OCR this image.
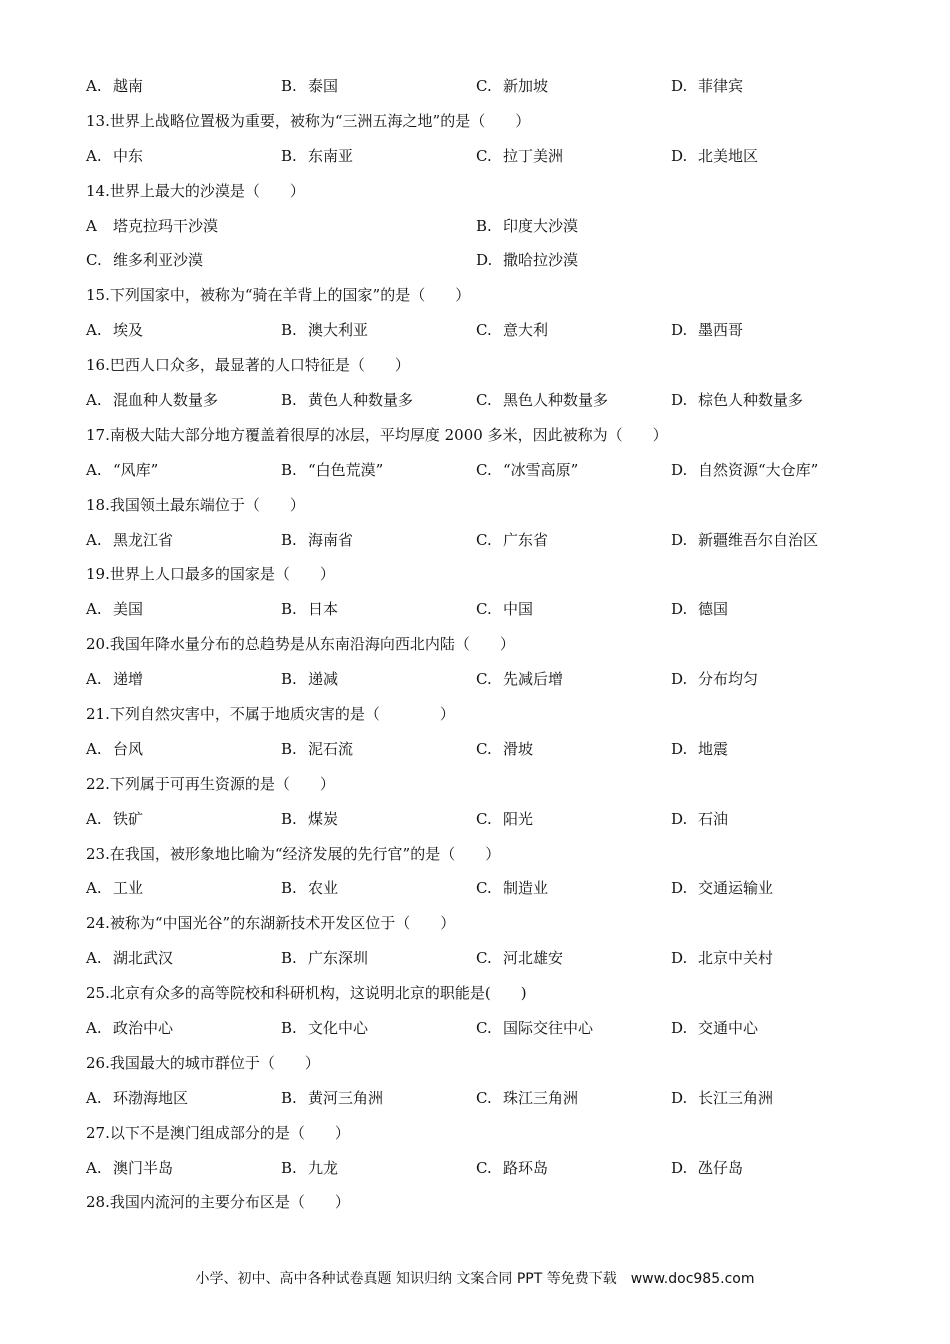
A. 越南	B. 泰国	C. 新加坡	D. 菲律宾
13.世界上战略位置极为重要，被称为“三洲五海之地”的是（　　）
A. 中东	B. 东南亚	C. 拉丁美洲	D. 北美地区
14.世界上最大的沙漠是（　　）
A 塔克拉玛干沙漠	B. 印度大沙漠
C. 维多利亚沙漠	D. 撒哈拉沙漠
15.下列国家中，被称为“骑在羊背上的国家”的是（　　）
A. 埃及	B. 澳大利亚	C. 意大利	D. 墨西哥
16.巴西人口众多，最显著的人口特征是（　　）
A. 混血种人数量多	B. 黄色人种数量多	C. 黑色人种数量多	D. 棕色人种数量多
17.南极大陆大部分地方覆盖着很厚的冰层，平均厚度 2000 多米，因此被称为（　　）
A. “风库”	B. “白色荒漠”	C. “冰雪高原”	D. 自然资源“大仓库”
18.我国领土最东端位于（　　）
A. 黑龙江省	B. 海南省	C. 广东省	D. 新疆维吾尔自治区
19.世界上人口最多的国家是（　　）
A. 美国	B. 日本	C. 中国	D. 德国
20.我国年降水量分布的总趋势是从东南沿海向西北内陆（　　）
A. 递增	B. 递减	C. 先减后增	D. 分布均匀
21.下列自然灾害中，不属于地质灾害的是（　　　　）
A. 台风	B. 泥石流	C. 滑坡	D. 地震
22.下列属于可再生资源的是（　　）
A. 铁矿	B. 煤炭	C. 阳光	D. 石油
23.在我国，被形象地比喻为“经济发展的先行官”的是（　　）
A. 工业	B. 农业	C. 制造业	D. 交通运输业
24.被称为“中国光谷”的东湖新技术开发区位于（　　）
A. 湖北武汉	B. 广东深圳	C. 河北雄安	D. 北京中关村
25.北京有众多的高等院校和科研机构，这说明北京的职能是(　　)
A. 政治中心	B. 文化中心	C. 国际交往中心	D. 交通中心
26.我国最大的城市群位于（　　）
A. 环渤海地区	B. 黄河三角洲	C. 珠江三角洲	D. 长江三角洲
27.以下不是澳门组成部分的是（　　）
A. 澳门半岛	B. 九龙	C. 路环岛	D. 氹仔岛
28.我国内流河的主要分布区是（　　）
小学、初中、高中各种试卷真题 知识归纳 文案合同 PPT 等免费下载　www.doc985.com
